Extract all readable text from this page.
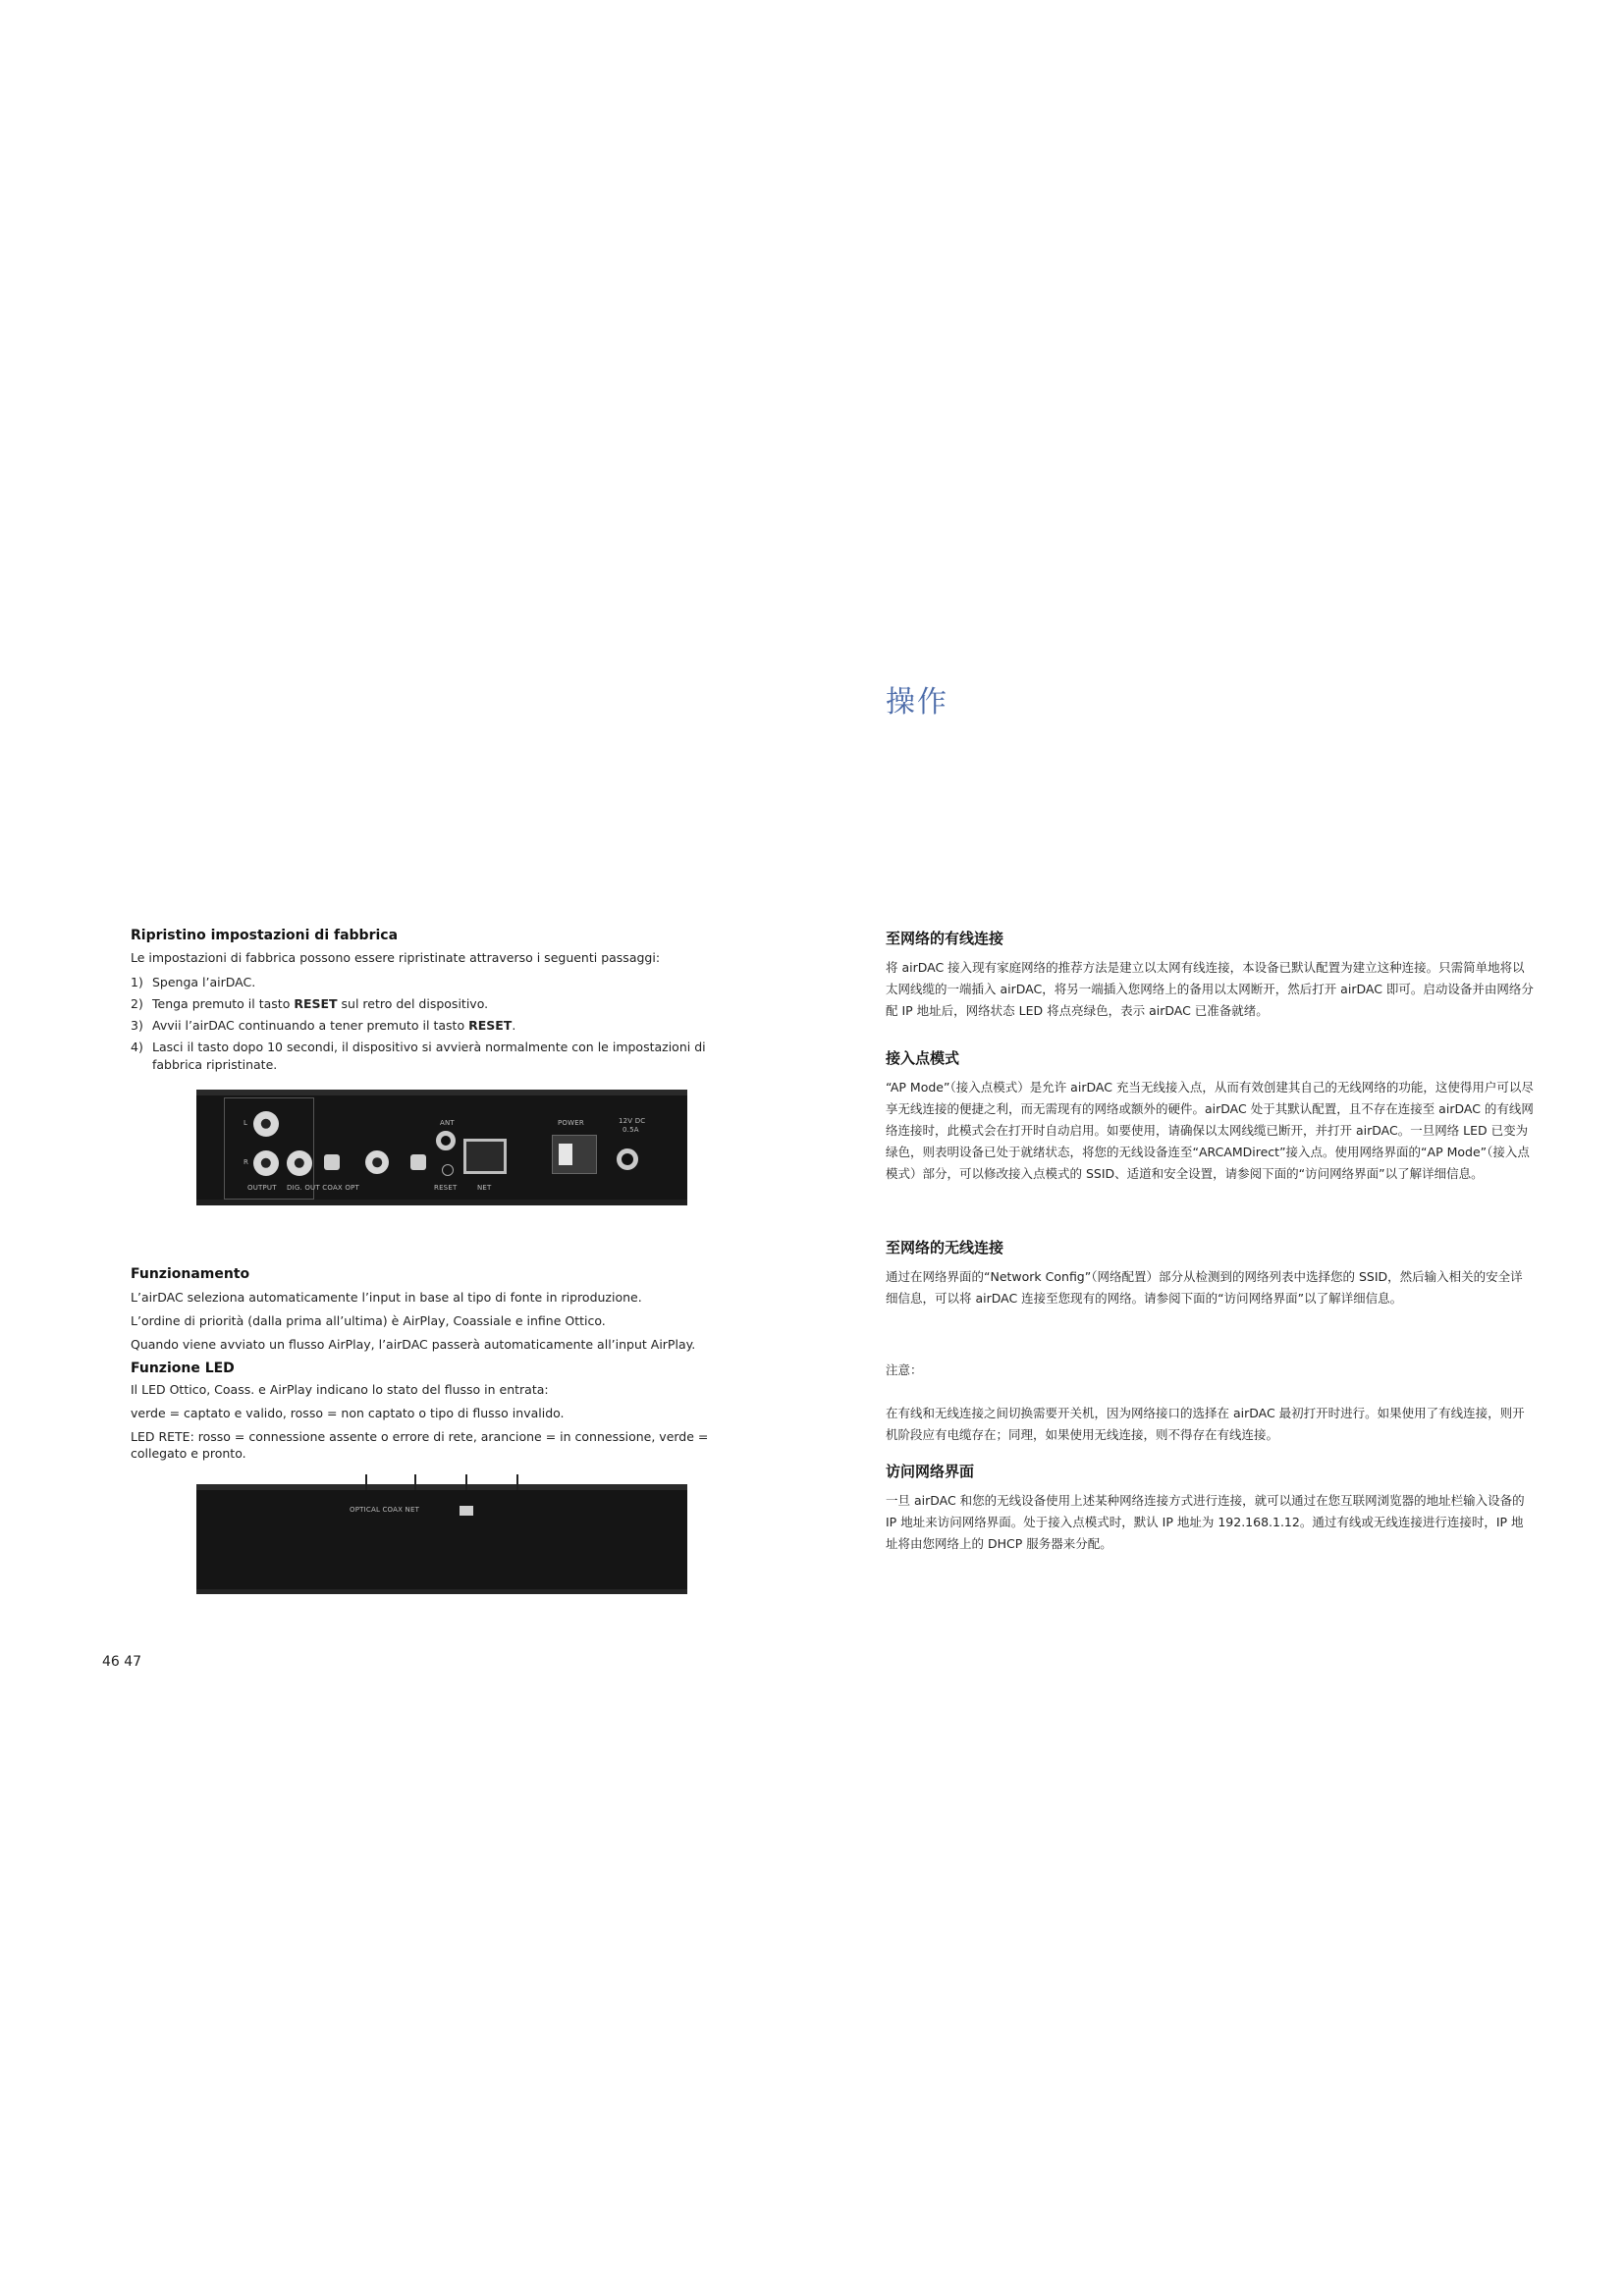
Ripristino impostazioni di fabbrica

Le impostazioni di fabbrica possono essere ripristinate attraverso i seguenti passaggi:

1) Spenga l’airDAC.
2) Tenga premuto il tasto RESET sul retro del dispositivo.
3) Avvii l’airDAC continuando a tener premuto il tasto RESET.
4) Lasci il tasto dopo 10 secondi, il dispositivo si avvierà normalmente con le impostazioni di fabbrica ripristinate.
L
R
OUTPUT DIG. OUT COAX OPT
ANT
RESET	NET
POWER	12V DC
0.5A

Funzionamento

L’airDAC seleziona automaticamente l’input in base al tipo di fonte in riproduzione.

L’ordine di priorità (dalla prima all’ultima) è AirPlay, Coassiale e infine Ottico.

Quando viene avviato un flusso AirPlay, l’airDAC passerà automaticamente all’input AirPlay.

Funzione LED

Il LED Ottico, Coass. e AirPlay indicano lo stato del flusso in entrata:

verde = captato e valido, rosso = non captato o tipo di flusso invalido.

LED RETE: rosso = connessione assente o errore di rete, arancione = in connessione, verde = collegato e pronto.

OPTICAL COAX NET
46 47
操作

至网络的有线连接

将 airDAC 接入现有家庭网络的推荐方法是建立以太网有线连接，本设备已默认配置为建立这种连接。只需简单地将以太网线缆的一端插入 airDAC，将另一端插入您网络上的备用以太网断开，然后打开 airDAC 即可。启动设备并由网络分配 IP 地址后，网络状态 LED 将点亮绿色，表示 airDAC 已准备就绪。

接入点模式

“AP Mode”（接入点模式）是允许 airDAC 充当无线接入点，从而有效创建其自己的无线网络的功能，这使得用户可以尽享无线连接的便捷之利，而无需现有的网络或额外的硬件。airDAC 处于其默认配置，且不存在连接至 airDAC 的有线网络连接时，此模式会在打开时自动启用。如要使用，请确保以太网线缆已断开，并打开 airDAC。一旦网络 LED 已变为绿色，则表明设备已处于就绪状态，将您的无线设备连至“ARCAMDirect”接入点。使用网络界面的“AP Mode”（接入点模式）部分，可以修改接入点模式的 SSID、适道和安全设置，请参阅下面的“访问网络界面”以了解详细信息。

至网络的无线连接

通过在网络界面的“Network Config”（网络配置）部分从检测到的网络列表中选择您的 SSID，然后输入相关的安全详细信息，可以将 airDAC 连接至您现有的网络。请参阅下面的“访问网络界面”以了解详细信息。

注意：

在有线和无线连接之间切换需要开关机，因为网络接口的选择在 airDAC 最初打开时进行。如果使用了有线连接，则开机阶段应有电缆存在；同理，如果使用无线连接，则不得存在有线连接。

访问网络界面

一旦 airDAC 和您的无线设备使用上述某种网络连接方式进行连接，就可以通过在您互联网浏览器的地址栏输入设备的 IP 地址来访问网络界面。处于接入点模式时，默认 IP 地址为 192.168.1.12。通过有线或无线连接进行连接时，IP 地址将由您网络上的 DHCP 服务器来分配。
